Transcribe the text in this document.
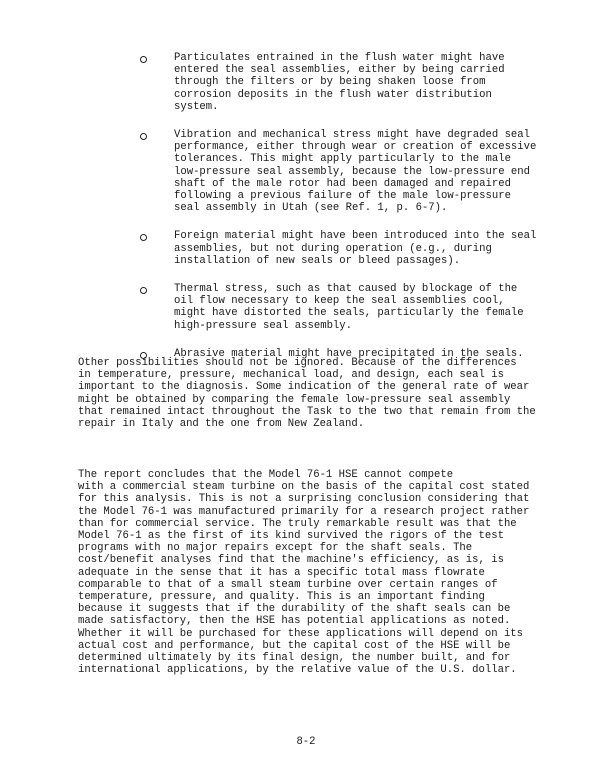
Particulates entrained in the flush water might have
entered the seal assemblies, either by being carried
through the filters or by being shaken loose from
corrosion deposits in the flush water distribution
system.
Vibration and mechanical stress might have degraded seal
performance, either through wear or creation of excessive
tolerances. This might apply particularly to the male
low-pressure seal assembly, because the low-pressure end
shaft of the male rotor had been damaged and repaired
following a previous failure of the male low-pressure
seal assembly in Utah (see Ref. 1, p. 6-7).
Foreign material might have been introduced into the seal
assemblies, but not during operation (e.g., during
installation of new seals or bleed passages).
Thermal stress, such as that caused by blockage of the
oil flow necessary to keep the seal assemblies cool,
might have distorted the seals, particularly the female
high-pressure seal assembly.
Abrasive material might have precipitated in the seals.
Other possibilities should not be ignored. Because of the differences
in temperature, pressure, mechanical load, and design, each seal is
important to the diagnosis. Some indication of the general rate of wear
might be obtained by comparing the female low-pressure seal assembly
that remained intact throughout the Task to the two that remain from the
repair in Italy and the one from New Zealand.
The report concludes that the Model 76-1 HSE cannot compete
with a commercial steam turbine on the basis of the capital cost stated
for this analysis. This is not a surprising conclusion considering that
the Model 76-1 was manufactured primarily for a research project rather
than for commercial service. The truly remarkable result was that the
Model 76-1 as the first of its kind survived the rigors of the test
programs with no major repairs except for the shaft seals. The
cost/benefit analyses find that the machine's efficiency, as is, is
adequate in the sense that it has a specific total mass flowrate
comparable to that of a small steam turbine over certain ranges of
temperature, pressure, and quality. This is an important finding
because it suggests that if the durability of the shaft seals can be
made satisfactory, then the HSE has potential applications as noted.
Whether it will be purchased for these applications will depend on its
actual cost and performance, but the capital cost of the HSE will be
determined ultimately by its final design, the number built, and for
international applications, by the relative value of the U.S. dollar.
8-2
